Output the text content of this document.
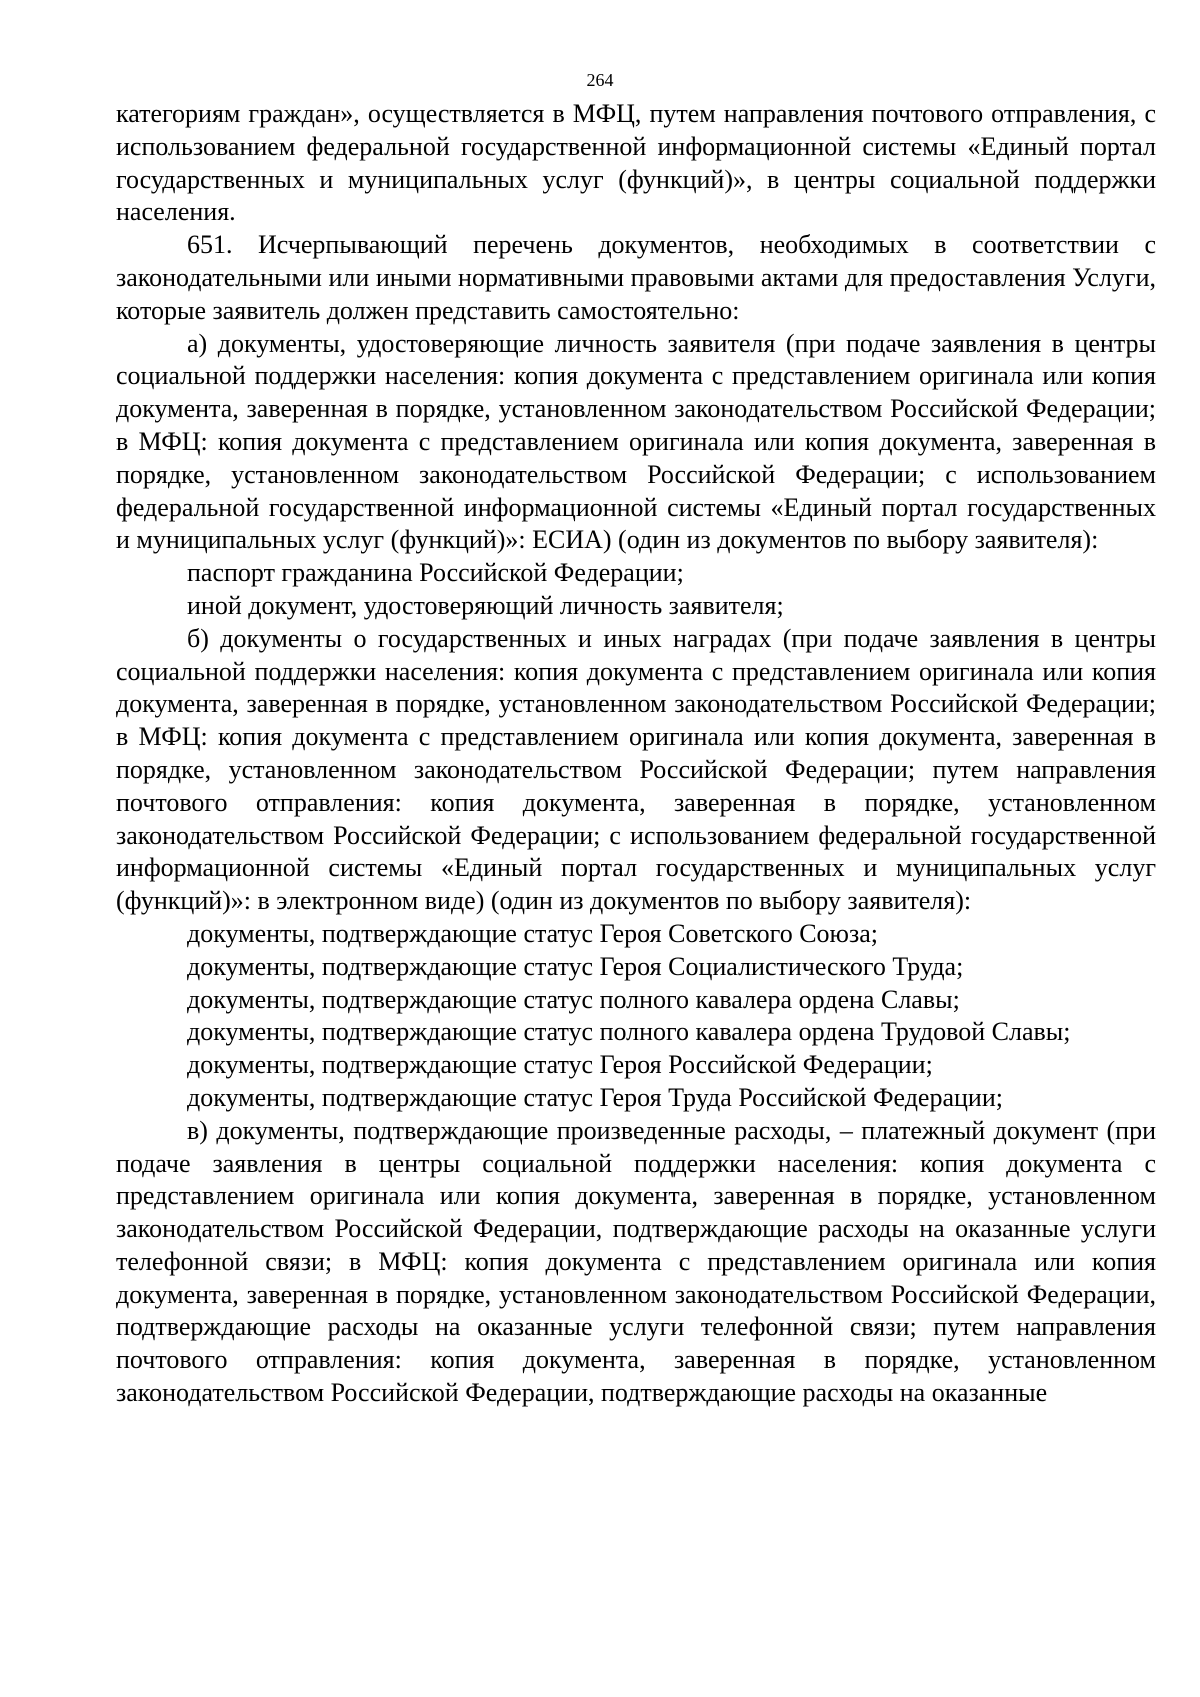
264

категориям граждан», осуществляется в МФЦ, путем направления почтового отправления, с использованием федеральной государственной информационной системы «Единый портал государственных и муниципальных услуг (функций)», в центры социальной поддержки населения.

651. Исчерпывающий перечень документов, необходимых в соответствии с законодательными или иными нормативными правовыми актами для предоставления Услуги, которые заявитель должен представить самостоятельно:

а) документы, удостоверяющие личность заявителя (при подаче заявления в центры социальной поддержки населения: копия документа с представлением оригинала или копия документа, заверенная в порядке, установленном законодательством Российской Федерации; в МФЦ: копия документа с представлением оригинала или копия документа, заверенная в порядке, установленном законодательством Российской Федерации; с использованием федеральной государственной информационной системы «Единый портал государственных и муниципальных услуг (функций)»: ЕСИА) (один из документов по выбору заявителя):

паспорт гражданина Российской Федерации;

иной документ, удостоверяющий личность заявителя;

б) документы о государственных и иных наградах (при подаче заявления в центры социальной поддержки населения: копия документа с представлением оригинала или копия документа, заверенная в порядке, установленном законодательством Российской Федерации; в МФЦ: копия документа с представлением оригинала или копия документа, заверенная в порядке, установленном законодательством Российской Федерации; путем направления почтового отправления: копия документа, заверенная в порядке, установленном законодательством Российской Федерации; с использованием федеральной государственной информационной системы «Единый портал государственных и муниципальных услуг (функций)»: в электронном виде) (один из документов по выбору заявителя):

документы, подтверждающие статус Героя Советского Союза;

документы, подтверждающие статус Героя Социалистического Труда;

документы, подтверждающие статус полного кавалера ордена Славы;

документы, подтверждающие статус полного кавалера ордена Трудовой Славы;

документы, подтверждающие статус Героя Российской Федерации;

документы, подтверждающие статус Героя Труда Российской Федерации;

в) документы, подтверждающие произведенные расходы, – платежный документ (при подаче заявления в центры социальной поддержки населения: копия документа с представлением оригинала или копия документа, заверенная в порядке, установленном законодательством Российской Федерации, подтверждающие расходы на оказанные услуги телефонной связи; в МФЦ: копия документа с представлением оригинала или копия документа, заверенная в порядке, установленном законодательством Российской Федерации, подтверждающие расходы на оказанные услуги телефонной связи; путем направления почтового отправления: копия документа, заверенная в порядке, установленном законодательством Российской Федерации, подтверждающие расходы на оказанные
